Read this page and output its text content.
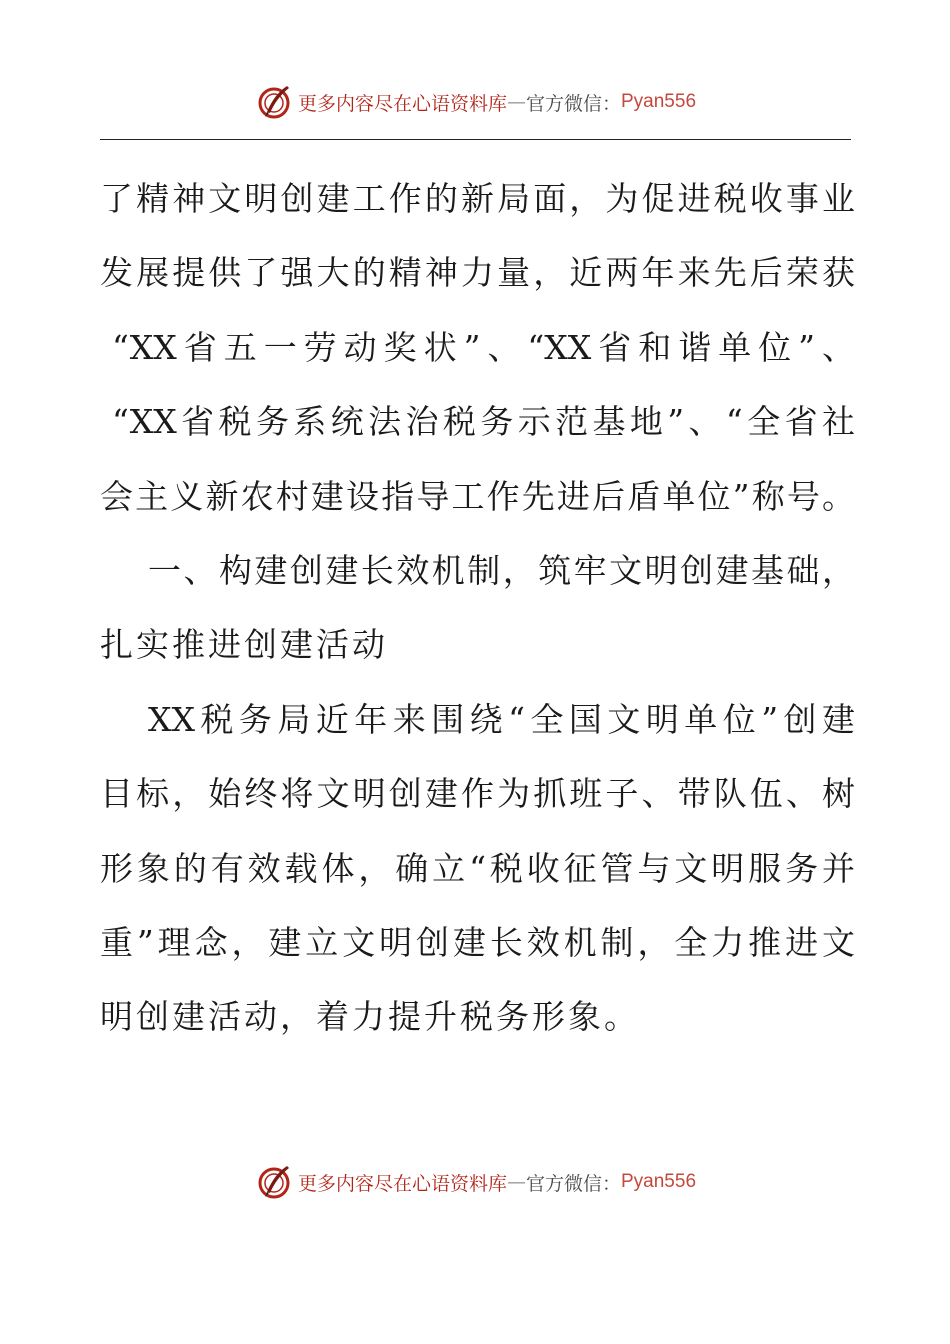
更多内容尽在心语资料库 — 官方微信： Pyan556
了精神文明创建工作的新局面，为促进税收事业
发展提供了强大的精神力量，近两年来先后荣获
“XX省五一劳动奖状”、“XX省和谐单位”、
“XX省税务系统法治税务示范基地”、“全省社
会主义新农村建设指导工作先进后盾单位”称号。
一、构建创建长效机制，筑牢文明创建基础，
扎实推进创建活动
XX税务局近年来围绕“全国文明单位”创建
目标，始终将文明创建作为抓班子、带队伍、树
形象的有效载体，确立“税收征管与文明服务并
重”理念，建立文明创建长效机制，全力推进文
明创建活动，着力提升税务形象。
更多内容尽在心语资料库 — 官方微信： Pyan556
